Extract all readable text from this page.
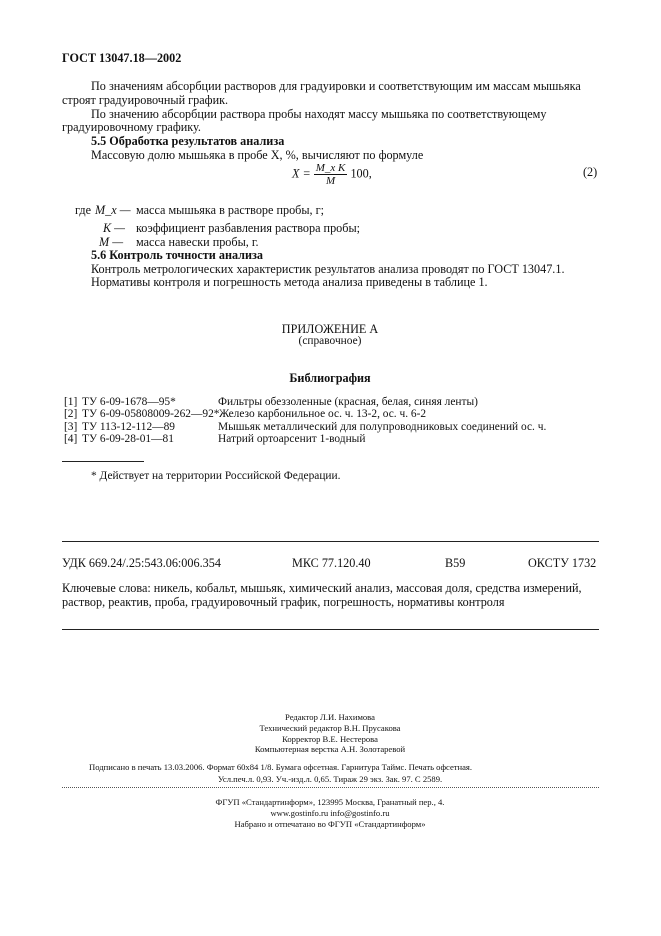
ГОСТ 13047.18—2002
По значениям абсорбции растворов для градуировки и соответствующим им массам мышьяка
строят градуировочный график.
По значению абсорбции раствора пробы находят массу мышьяка по соответствующему
градуировочному графику.
5.5 Обработка результатов анализа
Массовую долю мышьяка в пробе X, %, вычисляют по формуле
$X = \frac{\text{M\_x K}}{M} 100$,	(2)
где M_x — масса мышьяка в растворе пробы, г;
K — коэффициент разбавления раствора пробы;
M — масса навески пробы, г.
5.6 Контроль точности анализа
Контроль метрологических характеристик результатов анализа проводят по ГОСТ 13047.1.
Нормативы контроля и погрешность метода анализа приведены в таблице 1.
ПРИЛОЖЕНИЕ А
(справочное)
Библиография
[1] ТУ 6-09-1678—95*	Фильтры обеззоленные (красная, белая, синяя ленты)
[2] ТУ 6-09-05808009-262—92* Железо карбонильное ос. ч. 13-2, ос. ч. 6-2
[3] ТУ 113-12-112—89	Мышьяк металлический для полупроводниковых соединений ос. ч.
[4] ТУ 6-09-28-01—81	Натрий ортоарсенит 1-водный
* Действует на территории Российской Федерации.
УДК 669.24/.25:543.06:006.354	МКС 77.120.40	В59	ОКСТУ 1732
Ключевые слова: никель, кобальт, мышьяк, химический анализ, массовая доля, средства измерений,
раствор, реактив, проба, градуировочный график, погрешность, нормативы контроля
Редактор Л.И. Нахимова
Технический редактор В.Н. Прусакова
Корректор В.Е. Нестерова
Компьютерная верстка А.Н. Золотаревой
Подписано в печать 13.03.2006. Формат 60х84 1/8. Бумага офсетная. Гарнитура Таймс. Печать офсетная.
Усл.печ.л. 0,93. Уч.-изд.л. 0,65. Тираж 29 экз. Зак. 97. С 2589.
ФГУП «Стандартинформ», 123995 Москва, Гранатный пер., 4.
www.gostinfo.ru info@gostinfo.ru
Набрано и отпечатано во ФГУП «Стандартинформ»
